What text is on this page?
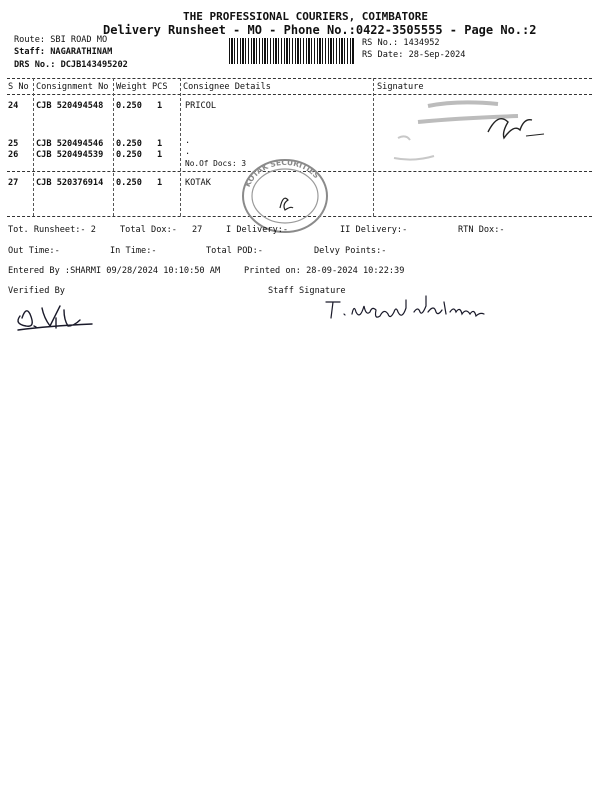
THE PROFESSIONAL COURIERS, COIMBATORE
Delivery Runsheet - MO - Phone No.:0422-3505555 - Page No.:2
Route: SBI ROAD MO
Staff: NAGARATHINAM
DRS No.: DCJB143495202
RS No.: 1434952
RS Date: 28-Sep-2024
S No Consignment No Weight PCS Consignee Details	Signature
24 CJB 520494548 0.250 1	PRICOL
25 CJB 520494546 0.250 1	.
26 CJB 520494539 0.250 1	.
No.Of Docs: 3
27 CJB 520376914 0.250 1	KOTAK	KOTAK SECURITIES
Tot. Runsheet:- 2	Total Dox:- 27	I Delivery:-	II Delivery:-	RTN Dox:-
Out Time:-	In Time:-	Total POD:-	Delvy Points:-
Entered By :SHARMI 09/28/2024 10:10:50 AM	Printed on: 28-09-2024 10:22:39
Verified By	Staff Signature
